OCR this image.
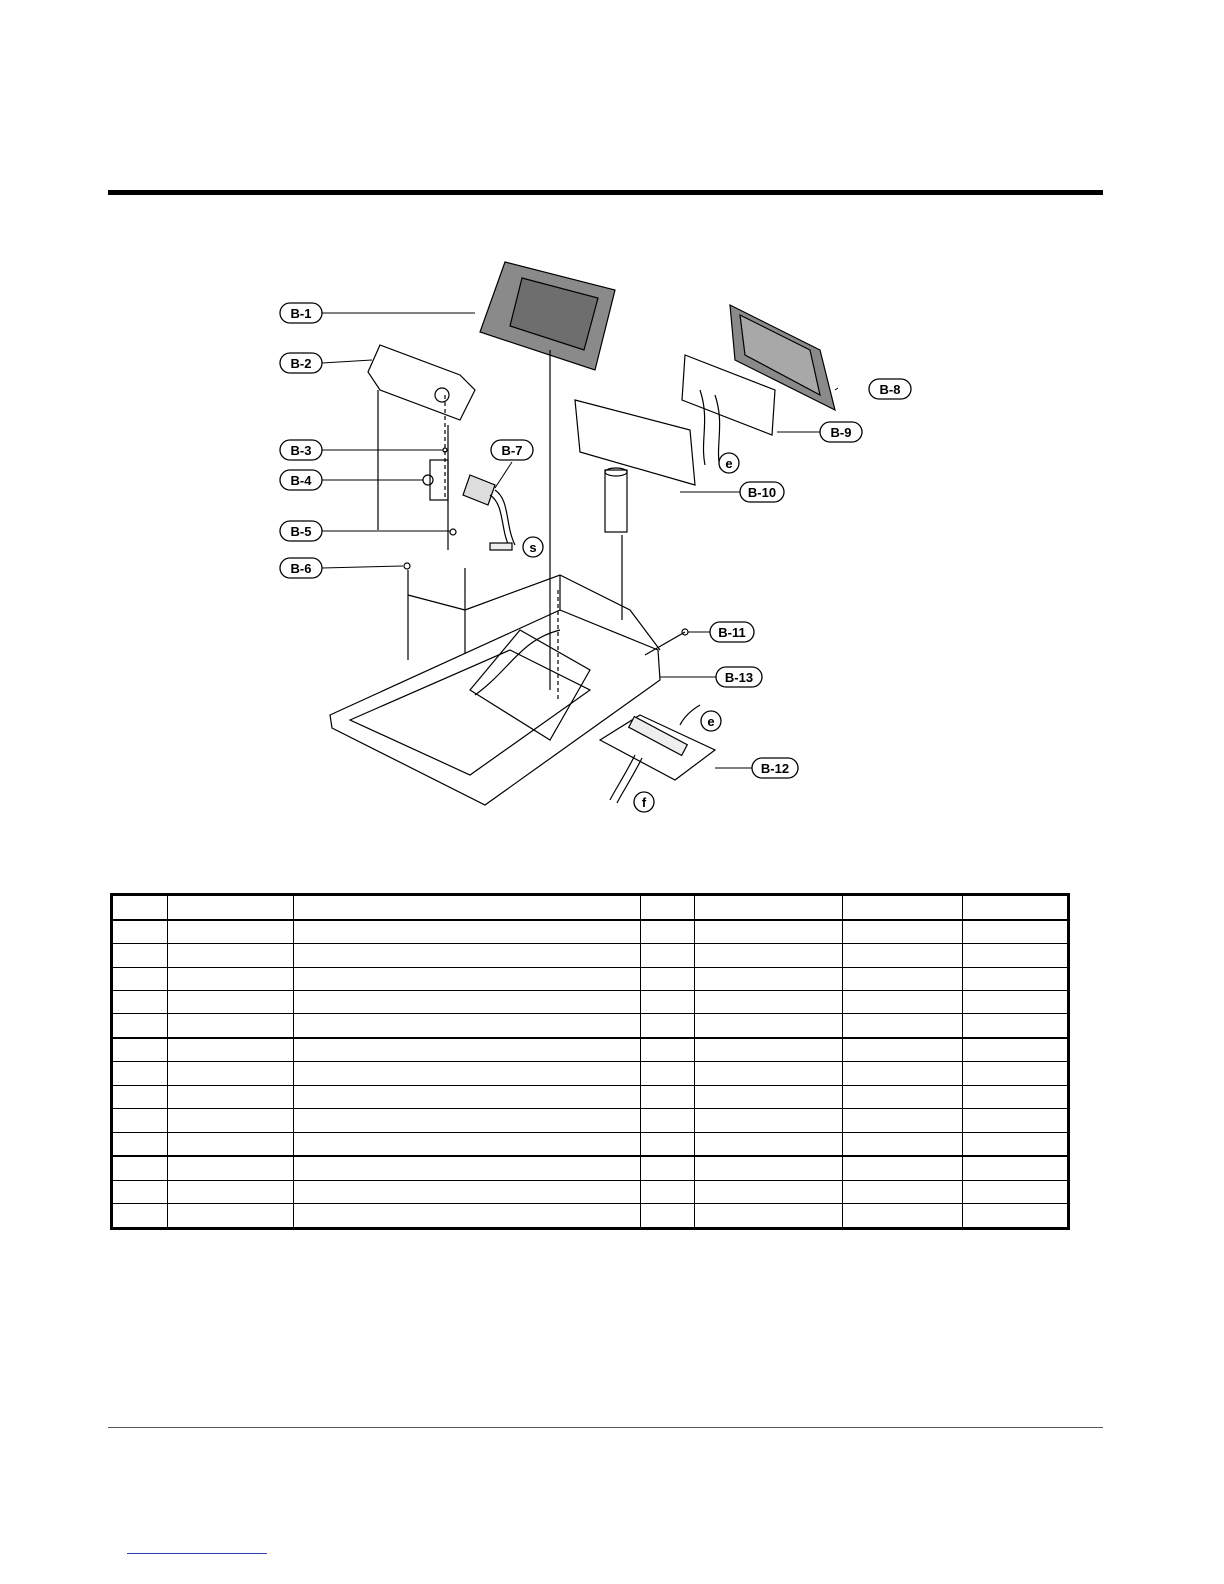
B-1
B-2
B-3
B-4
B-5
B-6
B-7
B-8
B-9
B-10
B-11
B-13
B-12
s
e
e
f
